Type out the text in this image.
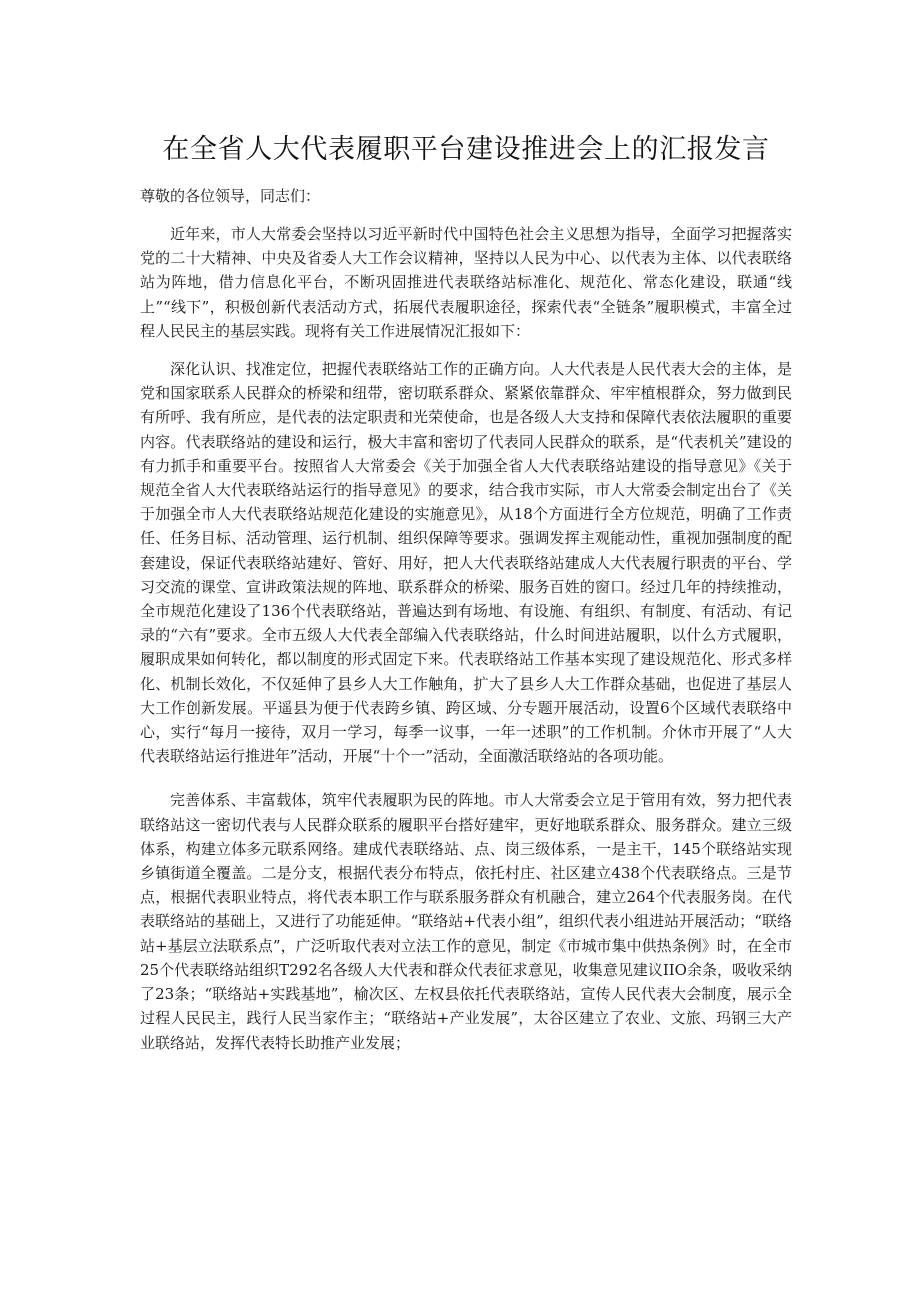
在全省人大代表履职平台建设推进会上的汇报发言

尊敬的各位领导，同志们：

近年来，市人大常委会坚持以习近平新时代中国特色社会主义思想为指导，全面学习把握落实党的二十大精神、中央及省委人大工作会议精神，坚持以人民为中心、以代表为主体、以代表联络站为阵地，借力信息化平台，不断巩固推进代表联络站标准化、规范化、常态化建设，联通“线上”“线下”，积极创新代表活动方式，拓展代表履职途径，探索代表“全链条”履职模式，丰富全过程人民民主的基层实践。现将有关工作进展情况汇报如下：

深化认识、找准定位，把握代表联络站工作的正确方向。人大代表是人民代表大会的主体，是党和国家联系人民群众的桥梁和纽带，密切联系群众、紧紧依靠群众、牢牢植根群众，努力做到民有所呼、我有所应，是代表的法定职责和光荣使命，也是各级人大支持和保障代表依法履职的重要内容。代表联络站的建设和运行，极大丰富和密切了代表同人民群众的联系，是“代表机关”建设的有力抓手和重要平台。按照省人大常委会《关于加强全省人大代表联络站建设的指导意见》《关于规范全省人大代表联络站运行的指导意见》的要求，结合我市实际，市人大常委会制定出台了《关于加强全市人大代表联络站规范化建设的实施意见》，从18个方面进行全方位规范，明确了工作责任、任务目标、活动管理、运行机制、组织保障等要求。强调发挥主观能动性，重视加强制度的配套建设，保证代表联络站建好、管好、用好，把人大代表联络站建成人大代表履行职责的平台、学习交流的课堂、宣讲政策法规的阵地、联系群众的桥梁、服务百姓的窗口。经过几年的持续推动，全市规范化建设了136个代表联络站，普遍达到有场地、有设施、有组织、有制度、有活动、有记录的“六有”要求。全市五级人大代表全部编入代表联络站，什么时间进站履职，以什么方式履职，履职成果如何转化，都以制度的形式固定下来。代表联络站工作基本实现了建设规范化、形式多样化、机制长效化，不仅延伸了县乡人大工作触角，扩大了县乡人大工作群众基础，也促进了基层人大工作创新发展。平遥县为便于代表跨乡镇、跨区域、分专题开展活动，设置6个区域代表联络中心，实行“每月一接待，双月一学习，每季一议事，一年一述职”的工作机制。介休市开展了“人大代表联络站运行推进年”活动，开展“十个一”活动，全面激活联络站的各项功能。

完善体系、丰富载体，筑牢代表履职为民的阵地。市人大常委会立足于管用有效，努力把代表联络站这一密切代表与人民群众联系的履职平台搭好建牢，更好地联系群众、服务群众。建立三级体系，构建立体多元联系网络。建成代表联络站、点、岗三级体系，一是主干，145个联络站实现乡镇街道全覆盖。二是分支，根据代表分布特点，依托村庄、社区建立438个代表联络点。三是节点，根据代表职业特点，将代表本职工作与联系服务群众有机融合，建立264个代表服务岗。在代表联络站的基础上，又进行了功能延伸。“联络站+代表小组”，组织代表小组进站开展活动；“联络站+基层立法联系点”，广泛听取代表对立法工作的意见，制定《市城市集中供热条例》时，在全市25个代表联络站组织T292名各级人大代表和群众代表征求意见，收集意见建议IIO余条，吸收采纳了23条；“联络站+实践基地”，榆次区、左权县依托代表联络站，宣传人民代表大会制度，展示全过程人民民主，践行人民当家作主；“联络站+产业发展”，太谷区建立了农业、文旅、玛钢三大产业联络站，发挥代表特长助推产业发展；
